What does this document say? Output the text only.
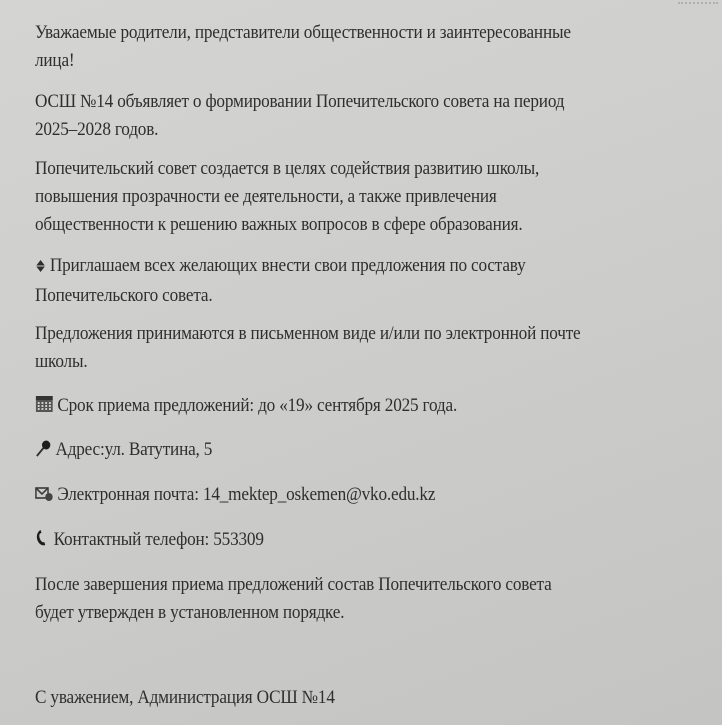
Уважаемые родители, представители общественности и заинтересованные
лица!
ОСШ №14 объявляет о формировании Попечительского совета на период
2025–2028 годов.
Попечительский совет создается в целях содействия развитию школы,
повышения прозрачности ее деятельности, а также привлечения
общественности к решению важных вопросов в сфере образования.
Приглашаем всех желающих внести свои предложения по составу
Попечительского совета.
Предложения принимаются в письменном виде и/или по электронной почте
школы.
Срок приема предложений: до «19» сентября 2025 года.
Адрес:ул. Ватутина, 5
Электронная почта: 14_mektep_oskemen@vko.edu.kz
Контактный телефон: 553309
После завершения приема предложений состав Попечительского совета
будет утвержден в установленном порядке.
С уважением, Администрация ОСШ №14
